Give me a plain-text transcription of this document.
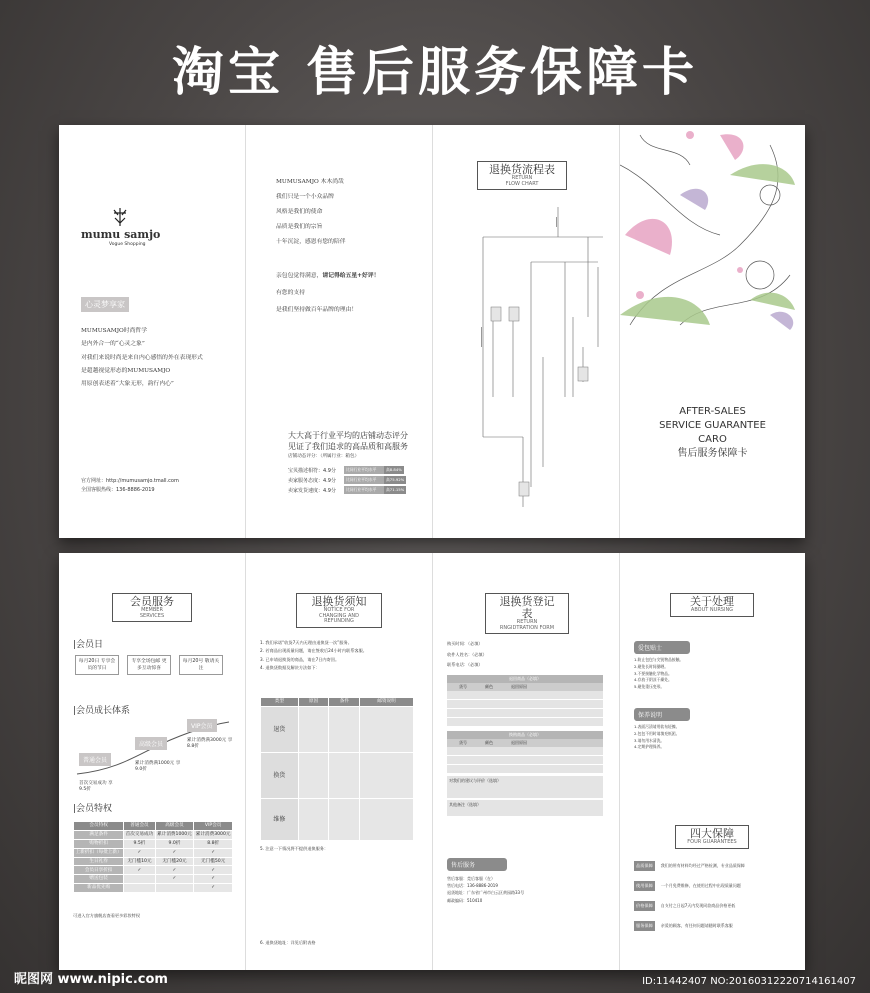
淘宝 售后服务保障卡
mumu samjo
Vogue Shopping
心灵梦享家
MUMUSAMJO时尚哲学
是内外合一的“心灵之象”
对我们来说时尚是来自内心感悟的外在表现形式
是超越视觉形态的MUMUSAMJO
用原创表述着“大象无形，韵行内心”
官方网址：http://mumusamjo.tmall.com
全国客服热线：136-8886-2019
MUMUSAMJO 木木尚哉
我们只是一个小众品牌
风格是我们的使命
品质是我们的宗旨
十年沉淀，感恩有您的陪伴
亲包包觉得满意，请记得给五星+好评！
有您的支持
是我们坚持做百年品牌的理由！
大大高于行业平均的店铺动态评分
见证了我们追求的高品质和高服务
店铺动态评分：（所属行业：箱包）
宝贝描述相符：4.9分	比同行业平均水平	高8.84%
卖家服务态度：4.9分	比同行业平均水平	高75.92%
卖家发货速度：4.9分	比同行业平均水平	高71.15%
退换货流程表
RETURN
FLOW CHART
AFTER-SALES
SERVICE GUARANTEE
CARO
售后服务保障卡
会员服务
MEMBER
SERVICES
|会员日
每月20日 专享会员的节日
专享全场包邮 更多互动惊喜
每月20号 敬请关注
|会员成长体系
普通会员
首次交易成功 享9.5折
高级会员
累计消费满1000元 享9.0折
VIP会员
累计消费满3000元 享8.8折
|会员特权
会员特权	普通会员	高级会员	VIP会员
满足条件	首次交易成功	累计消费1000元	累计消费3000元
购物折扣	9.5折	9.0折	8.8折
上新折扣（每批上新）	✓	✓	✓
生日礼券	无门槛10元	无门槛20元	无门槛50元
会员日享折扣	✓	✓	✓
赠送包装		✓	✓
新品优先购			✓
可进入官方旗舰店查看更多彩妆特权
退换货须知
NOTICE FOR
CHANGING AND REFUNDING
1. 我们承诺“收货7天内无理由退换货一次”服务。
2. 若商品出现质量问题，请在签收后24小时内联系客服。
3. 已申请退换货的商品，请在7日内寄回。
4. 退换货数据及解决方法如下：
类型	原因	条件	邮资说明
退货			
换货			
维修			
5. 注意一下情况将不提供退换服务：
6. 退换货地址：详见后附表格
退换货登记表
RETURN
RNGIDTRATION FORM
购买时间：（必填）
收件人姓名：（必填）
联系电话：（必填）
退回商品（必填）
货号	颜色	退回原因
换购商品（必填）
货号	颜色	退回原因
对我们的建议与评价（选填）
其他备注（选填）
售后服务
售后客服：莞后客服（在）
售后电话：136-8886-2019
退货地址：广东省广州市白云区黄园路33号
邮政编码：510410
关于处理
ABOUT NURSING
爱包贴士
1.防止包包与尖锐物品接触。
2.避免长时间暴晒。
3.不要接触化学物品。
4.存放于阴凉干燥处。
5.避免重压变形。
保养说明
1.表面污渍请用软布轻擦。
2.包包不用时请填充纸团。
3.请勿用水清洗。
4.定期护理保养。
四大保障
FOUR GUARANTEES
品质保障	我们的所有材料均经过严格检测，专业品质保障
使用保障	一个月免费维修，在使用过程中出现质量问题
价格保障	自支付之日起7天内发现同款商品价格更低
服务保障	亲爱的顾客，有任何问题请随时联系客服
昵图网 www.nipic.com	ID:11442407 NO:20160312220714161407
